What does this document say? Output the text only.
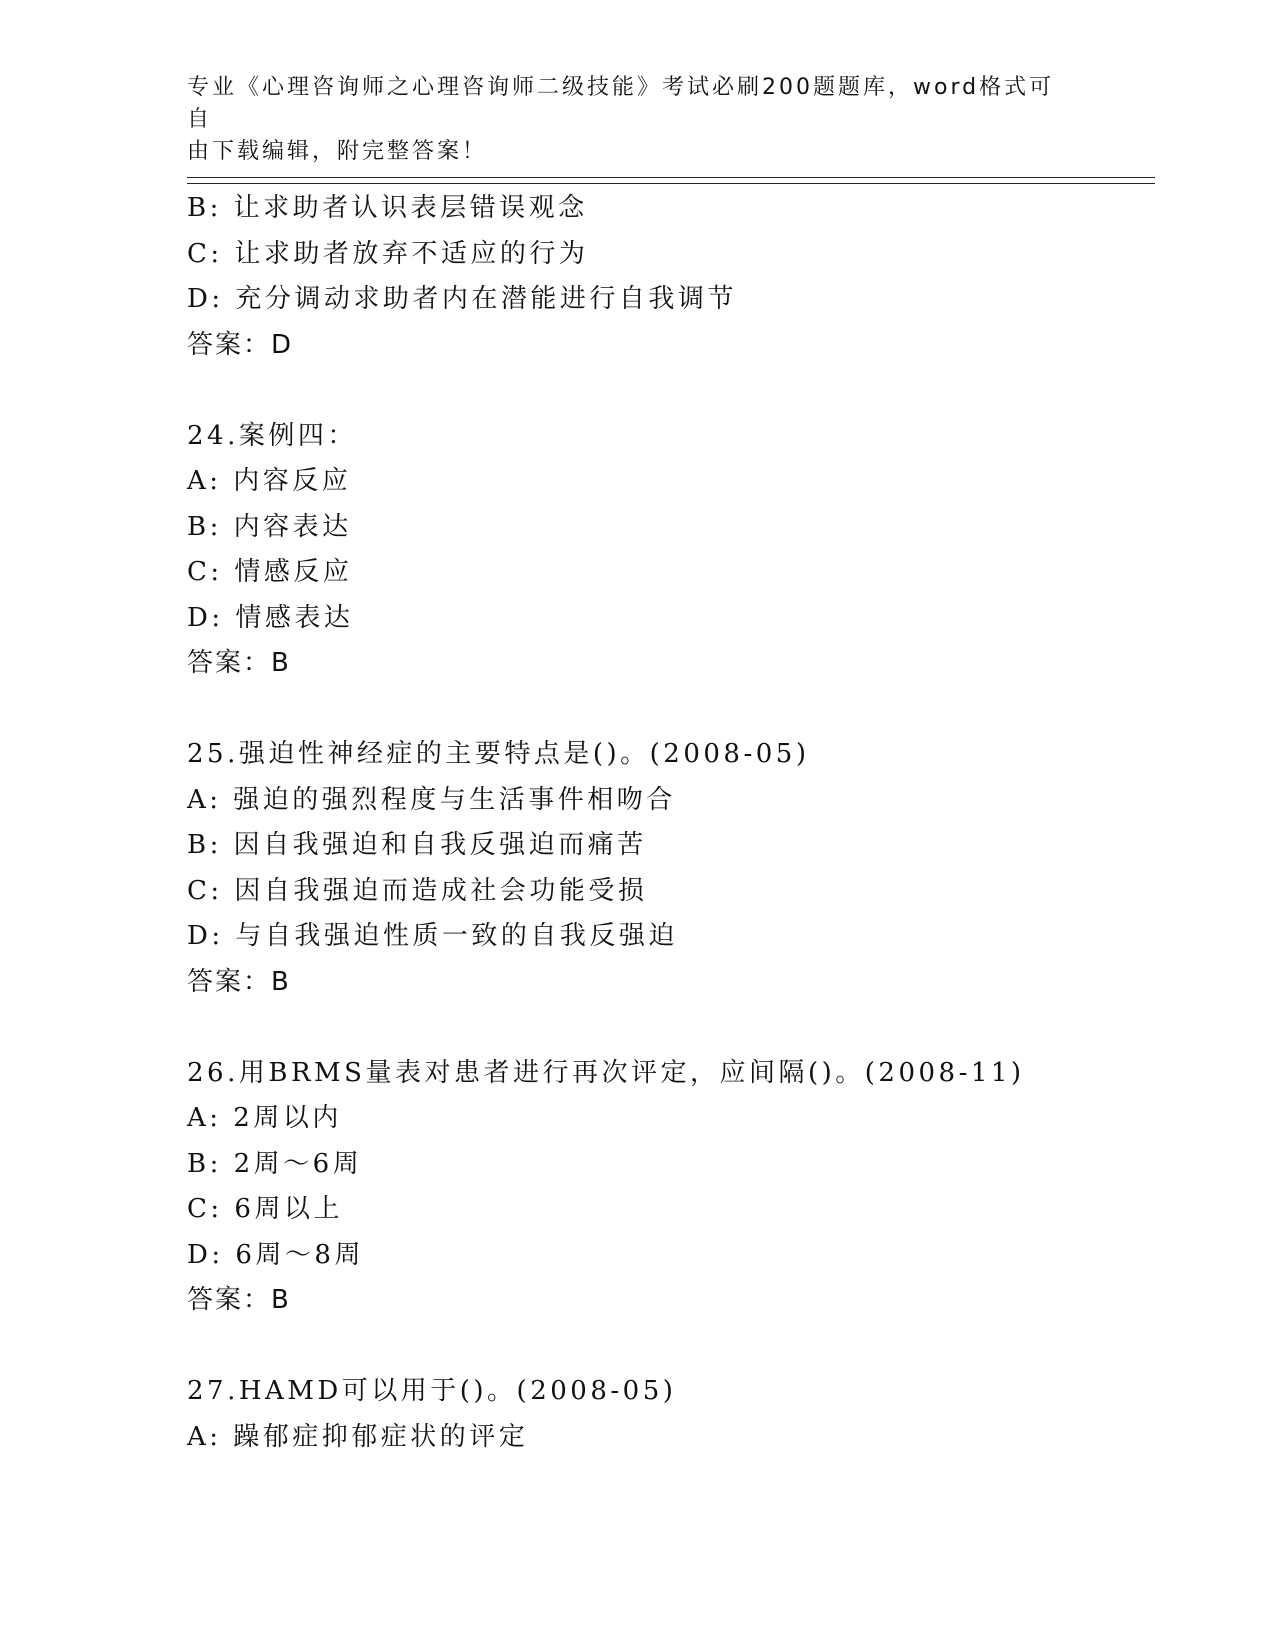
专业《心理咨询师之心理咨询师二级技能》考试必刷200题题库，word格式可自
由下载编辑，附完整答案！
B: 让求助者认识表层错误观念
C: 让求助者放弃不适应的行为
D: 充分调动求助者内在潜能进行自我调节
答案：D
24.案例四：
A: 内容反应
B: 内容表达
C: 情感反应
D: 情感表达
答案：B
25.强迫性神经症的主要特点是()。(2008-05)
A: 强迫的强烈程度与生活事件相吻合
B: 因自我强迫和自我反强迫而痛苦
C: 因自我强迫而造成社会功能受损
D: 与自我强迫性质一致的自我反强迫
答案：B
26.用BRMS量表对患者进行再次评定，应间隔()。(2008-11)
A: 2周以内
B: 2周～6周
C: 6周以上
D: 6周～8周
答案：B
27.HAMD可以用于()。(2008-05)
A: 躁郁症抑郁症状的评定
